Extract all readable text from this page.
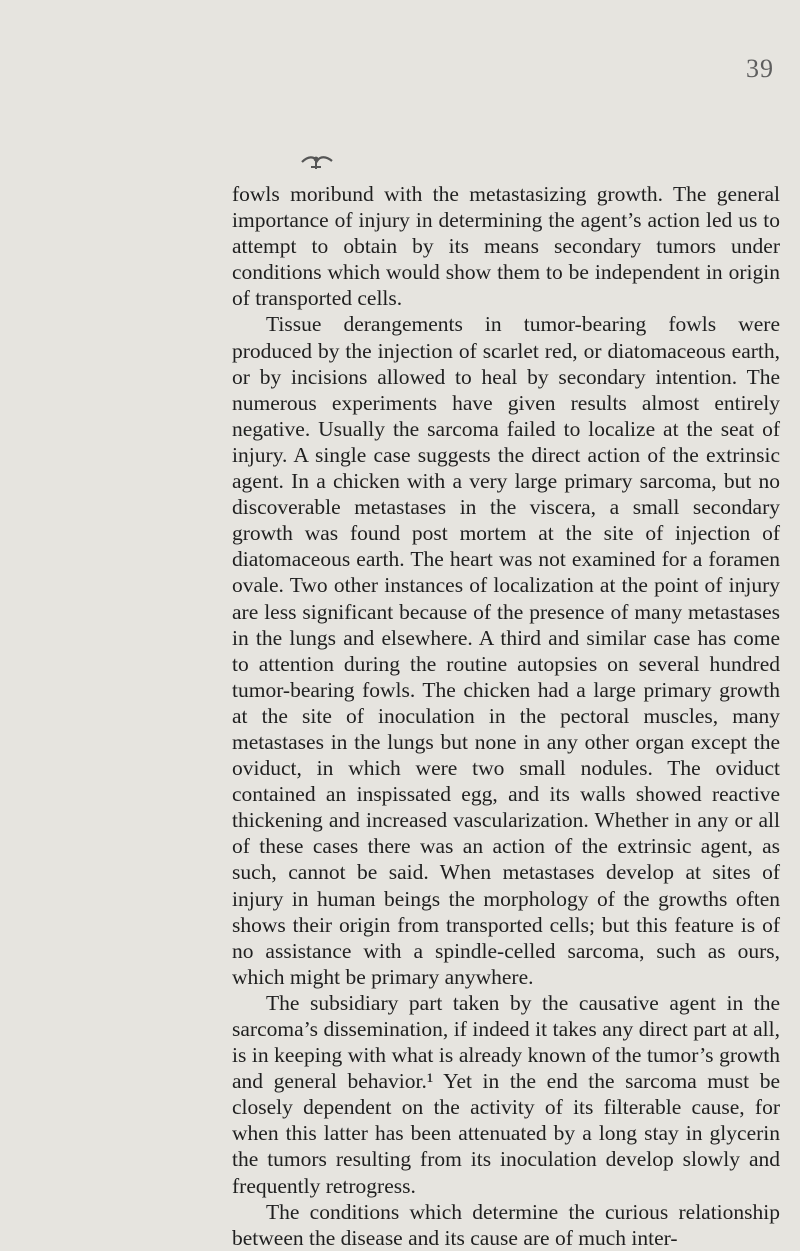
39

fowls moribund with the metastasizing growth. The general importance of injury in determining the agent’s action led us to attempt to obtain by its means secondary tumors under conditions which would show them to be independent in origin of transported cells.

Tissue derangements in tumor-bearing fowls were produced by the injection of scarlet red, or diatomaceous earth, or by incisions allowed to heal by secondary intention. The numerous experiments have given results almost entirely negative. Usually the sarcoma failed to localize at the seat of injury. A single case suggests the direct action of the extrinsic agent. In a chicken with a very large primary sarcoma, but no discoverable metastases in the viscera, a small secondary growth was found post mortem at the site of injection of diatomaceous earth. The heart was not examined for a foramen ovale. Two other instances of localization at the point of injury are less significant because of the presence of many metastases in the lungs and elsewhere. A third and similar case has come to attention during the routine autopsies on several hundred tumor-bearing fowls. The chicken had a large primary growth at the site of inoculation in the pectoral muscles, many metastases in the lungs but none in any other organ except the oviduct, in which were two small nodules. The oviduct contained an inspissated egg, and its walls showed reactive thickening and increased vascularization. Whether in any or all of these cases there was an action of the extrinsic agent, as such, cannot be said. When metastases develop at sites of injury in human beings the morphology of the growths often shows their origin from transported cells; but this feature is of no assistance with a spindle-celled sarcoma, such as ours, which might be primary anywhere.

The subsidiary part taken by the causative agent in the sarcoma’s dissemination, if indeed it takes any direct part at all, is in keeping with what is already known of the tumor’s growth and general behavior.¹ Yet in the end the sarcoma must be closely dependent on the activity of its filterable cause, for when this latter has been attenuated by a long stay in glycerin the tumors resulting from its inoculation develop slowly and frequently retrogress.

The conditions which determine the curious relationship between the disease and its cause are of much inter-
